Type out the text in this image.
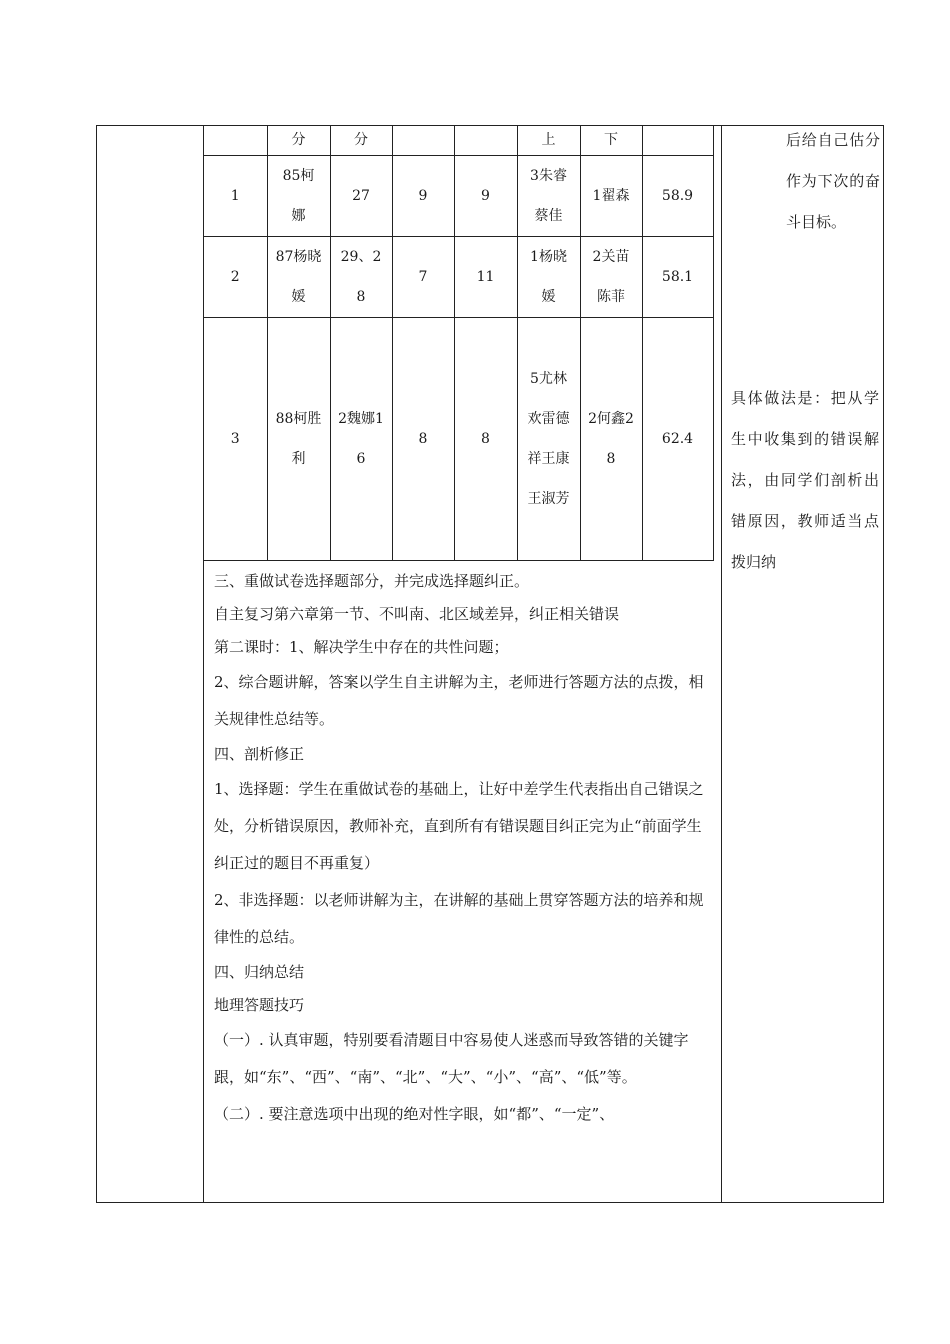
	分	分			上	下	
1	85柯娜	27	9	9	3朱睿蔡佳	1翟森	58.9
2	87杨晓媛	29、28	7	11	1杨晓媛	2关苗陈菲	58.1
3	88柯胜利	2魏娜16	8	8	5尤林欢雷德祥王康王淑芳	2何鑫28	62.4

三、重做试卷选择题部分，并完成选择题纠正。

自主复习第六章第一节、不叫南、北区域差异，纠正相关错误

第二课时：1、解决学生中存在的共性问题；

2、综合题讲解，答案以学生自主讲解为主，老师进行答题方法的点拨，相关规律性总结等。

四、剖析修正

1、选择题：学生在重做试卷的基础上，让好中差学生代表指出自己错误之处，分析错误原因，教师补充，直到所有有错误题目纠正完为止“前面学生纠正过的题目不再重复）

2、非选择题：以老师讲解为主，在讲解的基础上贯穿答题方法的培养和规律性的总结。

四、归纳总结

地理答题技巧

（一）. 认真审题，特别要看清题目中容易使人迷惑而导致答错的关键字跟，如“东”、“西”、“南”、“北”、“大”、“小”、“高”、“低”等。

（二）. 要注意选项中出现的绝对性字眼，如“都”、“一定”、

后给自己估分作为下次的奋斗目标。
具体做法是：把从学生中收集到的错误解法，由同学们剖析出错原因，教师适当点拨归纳
